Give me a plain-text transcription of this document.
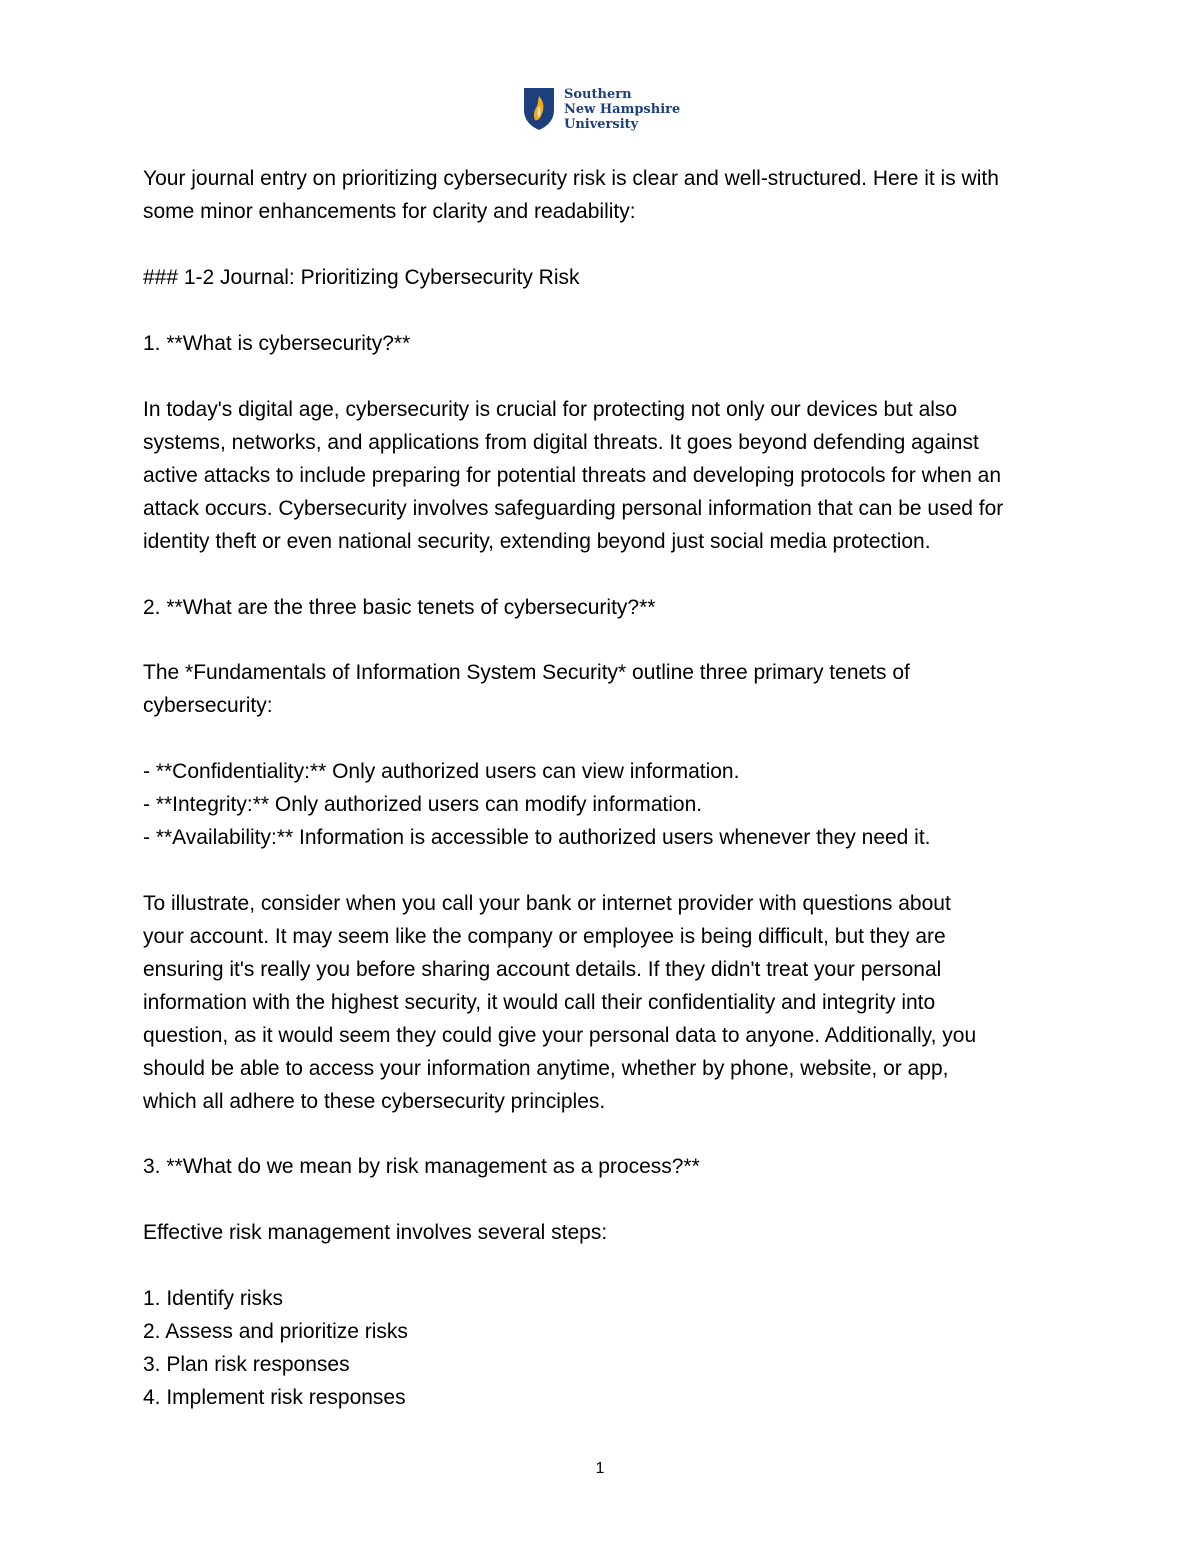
Southern
New Hampshire
University

Your journal entry on prioritizing cybersecurity risk is clear and well-structured. Here it is with

some minor enhancements for clarity and readability:

### 1-2 Journal: Prioritizing Cybersecurity Risk

1. **What is cybersecurity?**

In today's digital age, cybersecurity is crucial for protecting not only our devices but also

systems, networks, and applications from digital threats. It goes beyond defending against

active attacks to include preparing for potential threats and developing protocols for when an

attack occurs. Cybersecurity involves safeguarding personal information that can be used for

identity theft or even national security, extending beyond just social media protection.

2. **What are the three basic tenets of cybersecurity?**

The *Fundamentals of Information System Security* outline three primary tenets of

cybersecurity:

- **Confidentiality:** Only authorized users can view information.

- **Integrity:** Only authorized users can modify information.

- **Availability:** Information is accessible to authorized users whenever they need it.

To illustrate, consider when you call your bank or internet provider with questions about

your account. It may seem like the company or employee is being difficult, but they are

ensuring it's really you before sharing account details. If they didn't treat your personal

information with the highest security, it would call their confidentiality and integrity into

question, as it would seem they could give your personal data to anyone. Additionally, you

should be able to access your information anytime, whether by phone, website, or app,

which all adhere to these cybersecurity principles.

3. **What do we mean by risk management as a process?**

Effective risk management involves several steps:

1. Identify risks

2. Assess and prioritize risks

3. Plan risk responses

4. Implement risk responses

1
